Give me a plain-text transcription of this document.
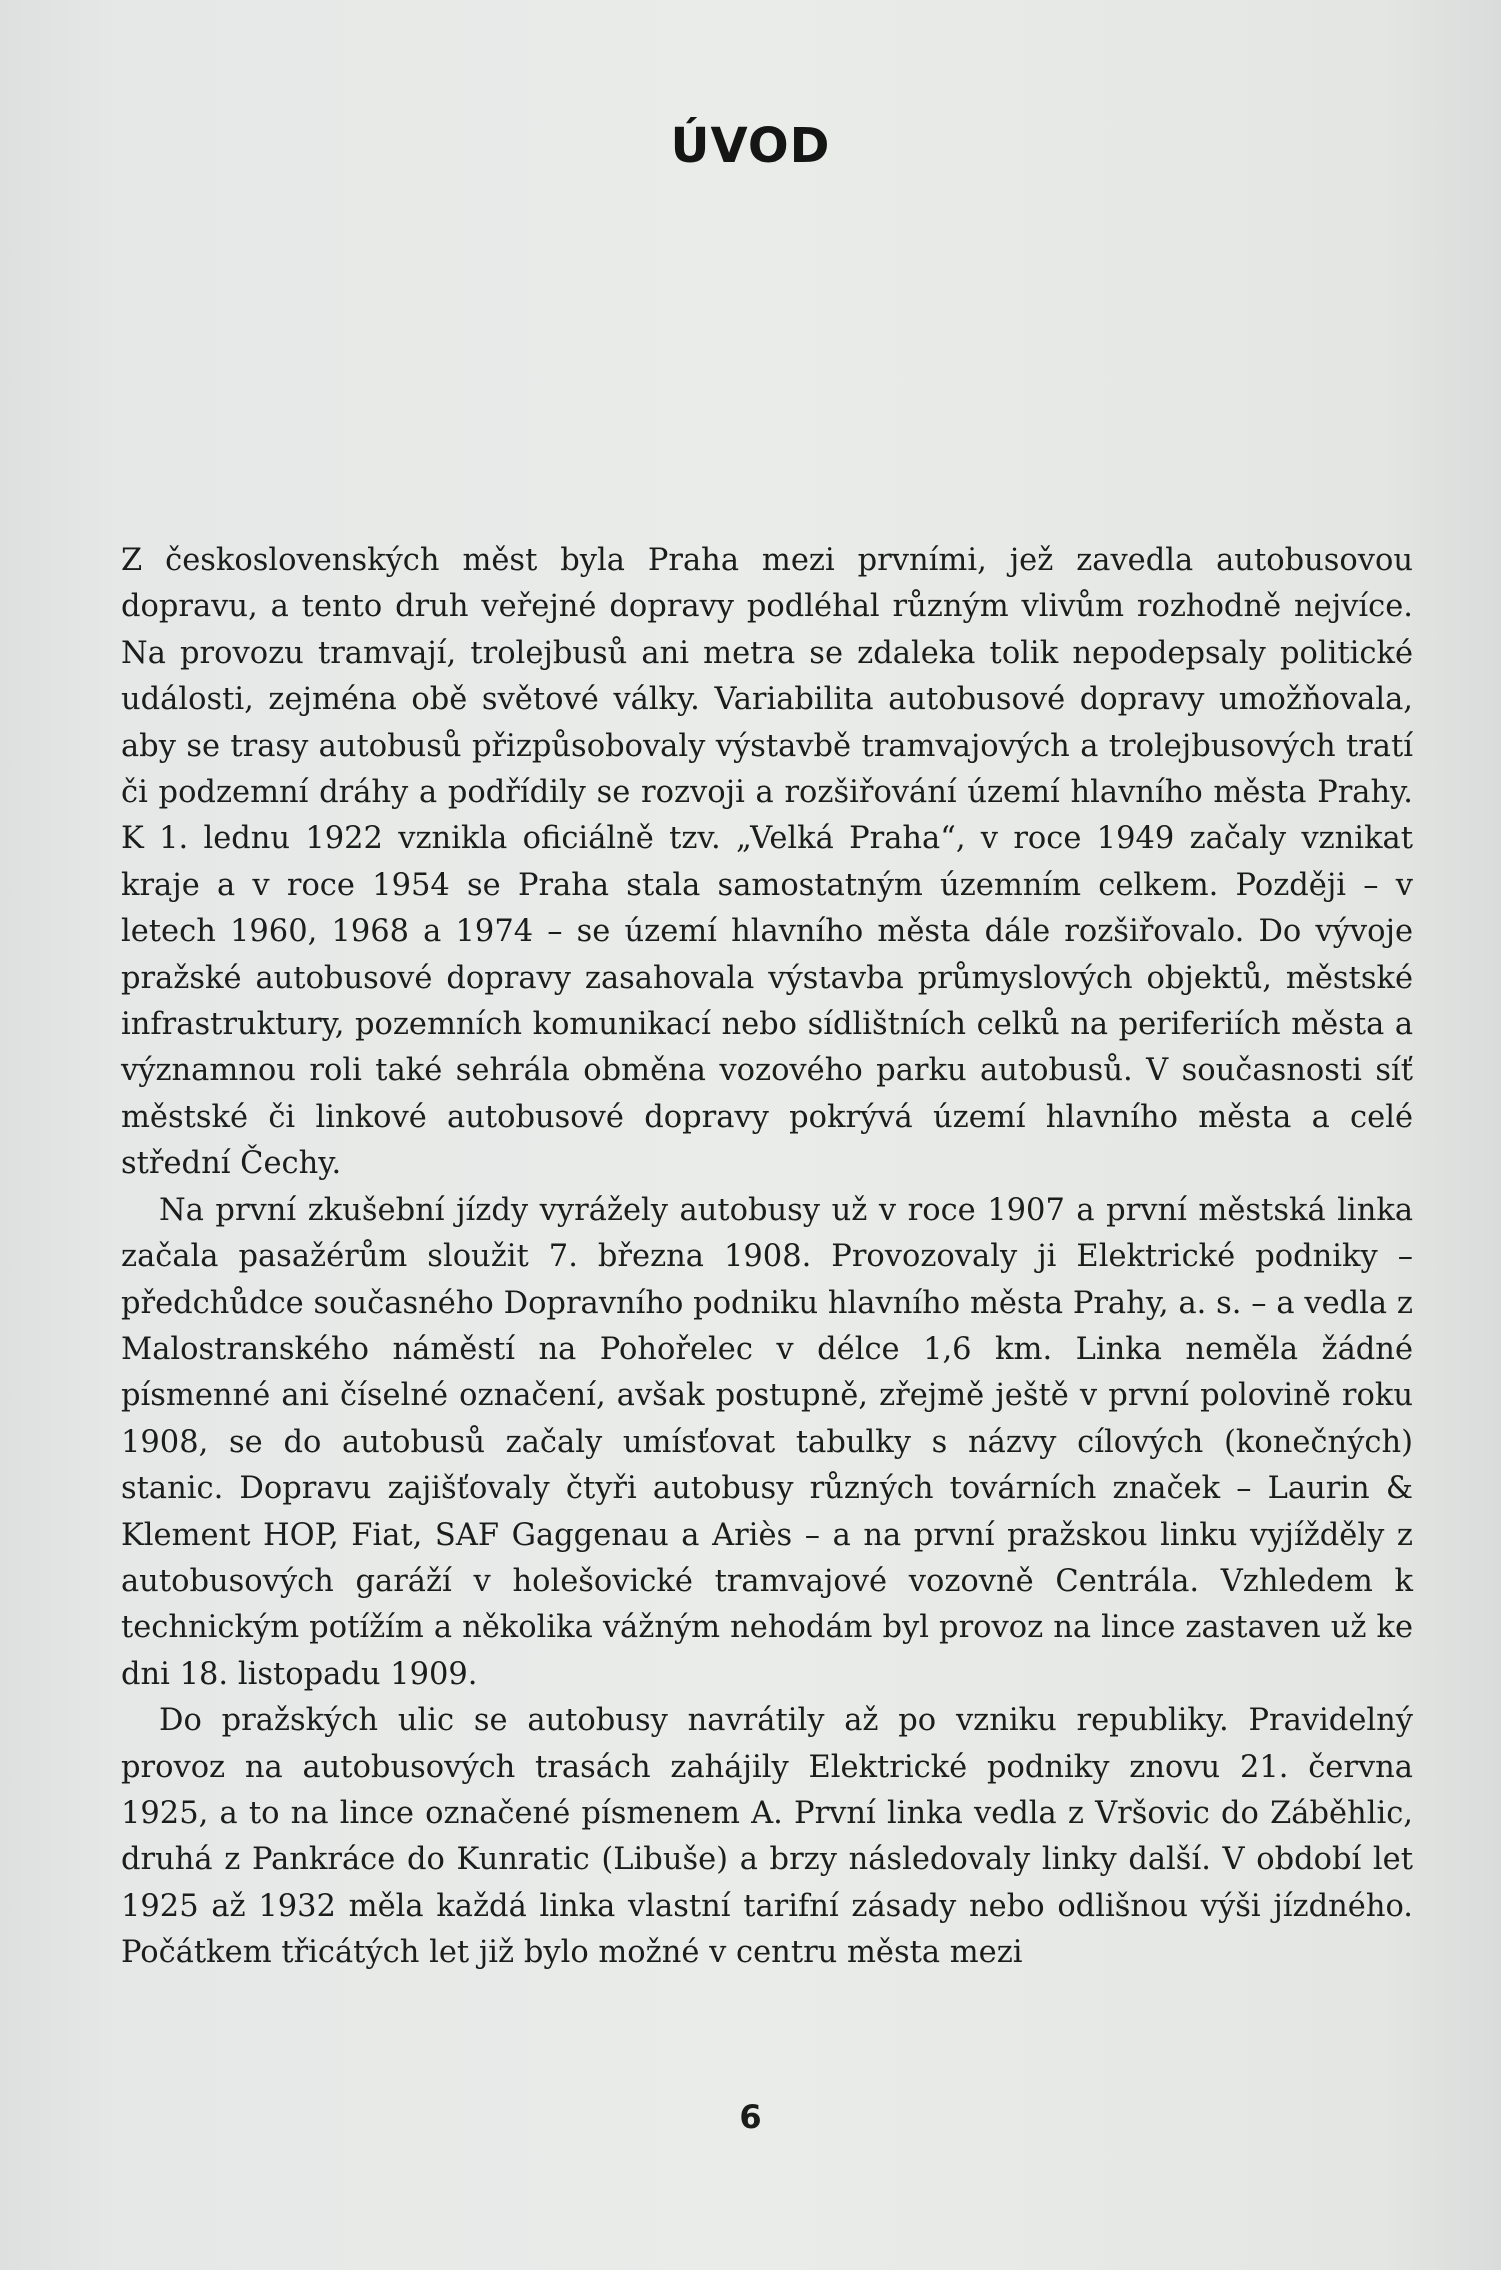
ÚVOD

Z československých měst byla Praha mezi prvními, jež zavedla autobusovou dopravu, a tento druh veřejné dopravy podléhal různým vlivům rozhodně nejvíce. Na provozu tramvají, trolejbusů ani metra se zdaleka tolik nepodepsaly politické události, zejména obě světové války. Variabilita autobusové dopravy umožňovala, aby se trasy autobusů přizpůsobovaly výstavbě tramvajových a trolejbusových tratí či podzemní dráhy a podřídily se rozvoji a rozšiřování území hlavního města Prahy. K 1. lednu 1922 vznikla oficiálně tzv. „Velká Praha“, v roce 1949 začaly vznikat kraje a v roce 1954 se Praha stala samostatným územním celkem. Později – v letech 1960, 1968 a 1974 – se území hlavního města dále rozšiřovalo. Do vývoje pražské autobusové dopravy zasahovala výstavba průmyslových objektů, městské infrastruktury, pozemních komunikací nebo sídlištních celků na periferiích města a významnou roli také sehrála obměna vozového parku autobusů. V současnosti síť městské či linkové autobusové dopravy pokrývá území hlavního města a celé střední Čechy.

Na první zkušební jízdy vyrážely autobusy už v roce 1907 a první městská linka začala pasažérům sloužit 7. března 1908. Provozovaly ji Elektrické podniky – předchůdce současného Dopravního podniku hlavního města Prahy, a. s. – a vedla z Malostranského náměstí na Pohořelec v délce 1,6 km. Linka neměla žádné písmenné ani číselné označení, avšak postupně, zřejmě ještě v první polovině roku 1908, se do autobusů začaly umísťovat tabulky s názvy cílových (konečných) stanic. Dopravu zajišťovaly čtyři autobusy různých továrních značek – Laurin & Klement HOP, Fiat, SAF Gaggenau a Ariès – a na první pražskou linku vyjížděly z autobusových garáží v holešovické tramvajové vozovně Centrála. Vzhledem k technickým potížím a několika vážným nehodám byl provoz na lince zastaven už ke dni 18. listopadu 1909.

Do pražských ulic se autobusy navrátily až po vzniku republiky. Pravidelný provoz na autobusových trasách zahájily Elektrické podniky znovu 21. června 1925, a to na lince označené písmenem A. První linka vedla z Vršovic do Záběhlic, druhá z Pankráce do Kunratic (Libuše) a brzy následovaly linky další. V období let 1925 až 1932 měla každá linka vlastní tarifní zásady nebo odlišnou výši jízdného. Počátkem třicátých let již bylo možné v centru města mezi

6
